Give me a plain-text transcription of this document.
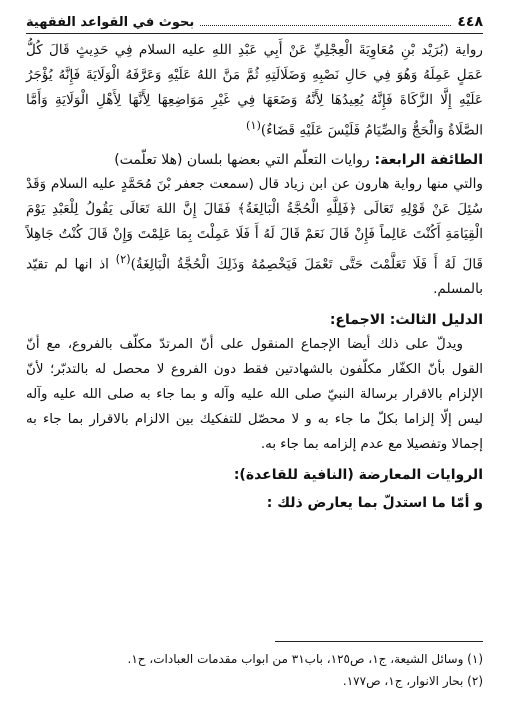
٤٤٨
بحوث في القواعد الفقهية

رواية (بُرَيْد بْنِ مُعَاوِيَةَ الْعِجْلِيِّ عَنْ أَبِي عَبْدِ اللهِ عليه السلام فِي حَدِيثٍ قَالَ كُلُّ عَمَلٍ عَمِلَهُ وَهُوَ فِي حَالِ نَصْبِهِ وَضَلَالَتِهِ ثُمَّ مَنَّ اللهُ عَلَيْهِ وَعَرَّفَهُ الْوَلَايَةَ فَإِنَّهُ يُؤْجَرُ عَلَيْهِ إِلَّا الزَّكَاةَ فَإِنَّهُ يُعِيدُهَا لِأَنَّهُ وَضَعَهَا فِي غَيْرِ مَوَاضِعِهَا لِأَنَّهَا لِأَهْلِ الْوَلَايَةِ وَأَمَّا الصَّلَاةُ وَالْحَجُّ وَالصِّيَامُ فَلَيْسَ عَلَيْهِ قَضَاءٌ)$^{(١)}$

الطائفة الرابعة: روايات التعلّم التي بعضها بلسان (هلا تعلّمت)

والتي منها رواية هارون عن ابن زياد قال (سمعت جعفر بْنَ مُحَمَّدٍ عليه السلام وَقَدْ سُئِلَ عَنْ قَوْلِهِ تَعَالَى ﴿فَلِلَّهِ الْحُجَّةُ الْبَالِغَةُ﴾ فَقَالَ إِنَّ اللهَ تَعَالَى يَقُولُ لِلْعَبْدِ يَوْمَ الْقِيَامَةِ أَكُنْتَ عَالِماً فَإِنْ قَالَ نَعَمْ قَالَ لَهُ أَ فَلَا عَمِلْتَ بِمَا عَلِمْتَ وَإِنْ قَالَ كُنْتُ جَاهِلاً قَالَ لَهُ أَ فَلَا تَعَلَّمْتَ حَتَّى تَعْمَلَ فَيَخْصِمُهُ وَذَلِكَ الْحُجَّةُ الْبَالِغَةُ)$^{(٢)}$ اذ انها لم تقيّد بالمسلم.

الدليل الثالث: الاجماع:

ويدلّ على ذلك أيضا الإجماع المنقول على أنّ المرتدّ مكلّف بالفروع، مع أنّ القول بأنّ الكفّار مكلّفون بالشهادتين فقط دون الفروع لا محصل له بالتدبّر؛ لأنّ الإلزام بالاقرار برسالة النبيّ صلى الله عليه وآله و بما جاء به صلى الله عليه وآله ليس إلّا إلزاما بكلّ ما جاء به و لا محصّل للتفكيك بين الالزام بالاقرار بما جاء به إجمالا وتفصيلا مع عدم إلزامه بما جاء به.

الروايات المعارضة (النافية للقاعدة):

و أمّا ما استدلّ بما يعارض ذلك :

(١) وسائل الشيعة، ج١، ص١٢٥، باب٣١ من ابواب مقدمات العبادات، ح١.
(٢) بحار الانوار، ج١، ص١٧٧.
